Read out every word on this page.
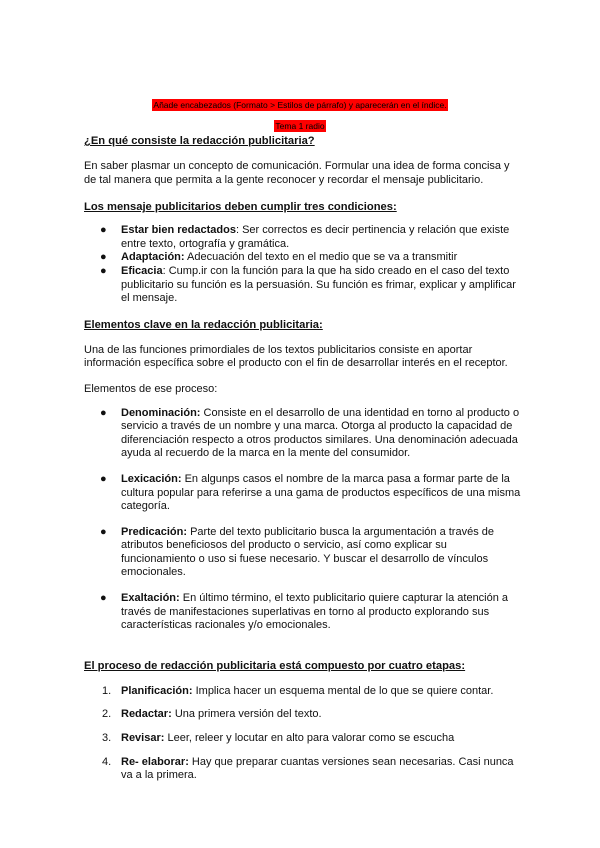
Añade encabezados (Formato > Estilos de párrafo) y aparecerán en el índice.
Tema 1 radio
¿En qué consiste la redacción publicitaria?

En saber plasmar un concepto de comunicación. Formular una idea de forma concisa y de tal manera que permita a la gente reconocer y recordar el mensaje publicitario.

Los mensaje publicitarios deben cumplir tres condiciones:
● Estar bien redactados: Ser correctos es decir pertinencia y relación que existe entre texto, ortografía y gramática.
● Adaptación: Adecuación del texto en el medio que se va a transmitir
● Eficacia: Cump.ir con la función para la que ha sido creado en el caso del texto publicitario su función es la persuasión. Su función es frimar, explicar y amplificar el mensaje.
Elementos clave en la redacción publicitaria:

Una de las funciones primordiales de los textos publicitarios consiste en aportar información específica sobre el producto con el fin de desarrollar interés en el receptor.

Elementos de ese proceso:

● Denominación: Consiste en el desarrollo de una identidad en torno al producto o servicio a través de un nombre y una marca. Otorga al producto la capacidad de diferenciación respecto a otros productos similares. Una denominación adecuada ayuda al recuerdo de la marca en la mente del consumidor.
● Lexicación: En algunps casos el nombre de la marca pasa a formar parte de la cultura popular para referirse a una gama de productos específicos de una misma categoría.
● Predicación: Parte del texto publicitario busca la argumentación a través de atributos beneficiosos del producto o servicio, así como explicar su funcionamiento o uso si fuese necesario. Y buscar el desarrollo de vínculos emocionales.
● Exaltación: En último término, el texto publicitario quiere capturar la atención a través de manifestaciones superlativas en torno al producto explorando sus características racionales y/o emocionales.
El proceso de redacción publicitaria está compuesto por cuatro etapas:
1. Planificación: Implica hacer un esquema mental de lo que se quiere contar.
2. Redactar: Una primera versión del texto.
3. Revisar: Leer, releer y locutar en alto para valorar como se escucha
4. Re- elaborar: Hay que preparar cuantas versiones sean necesarias. Casi nunca va a la primera.
